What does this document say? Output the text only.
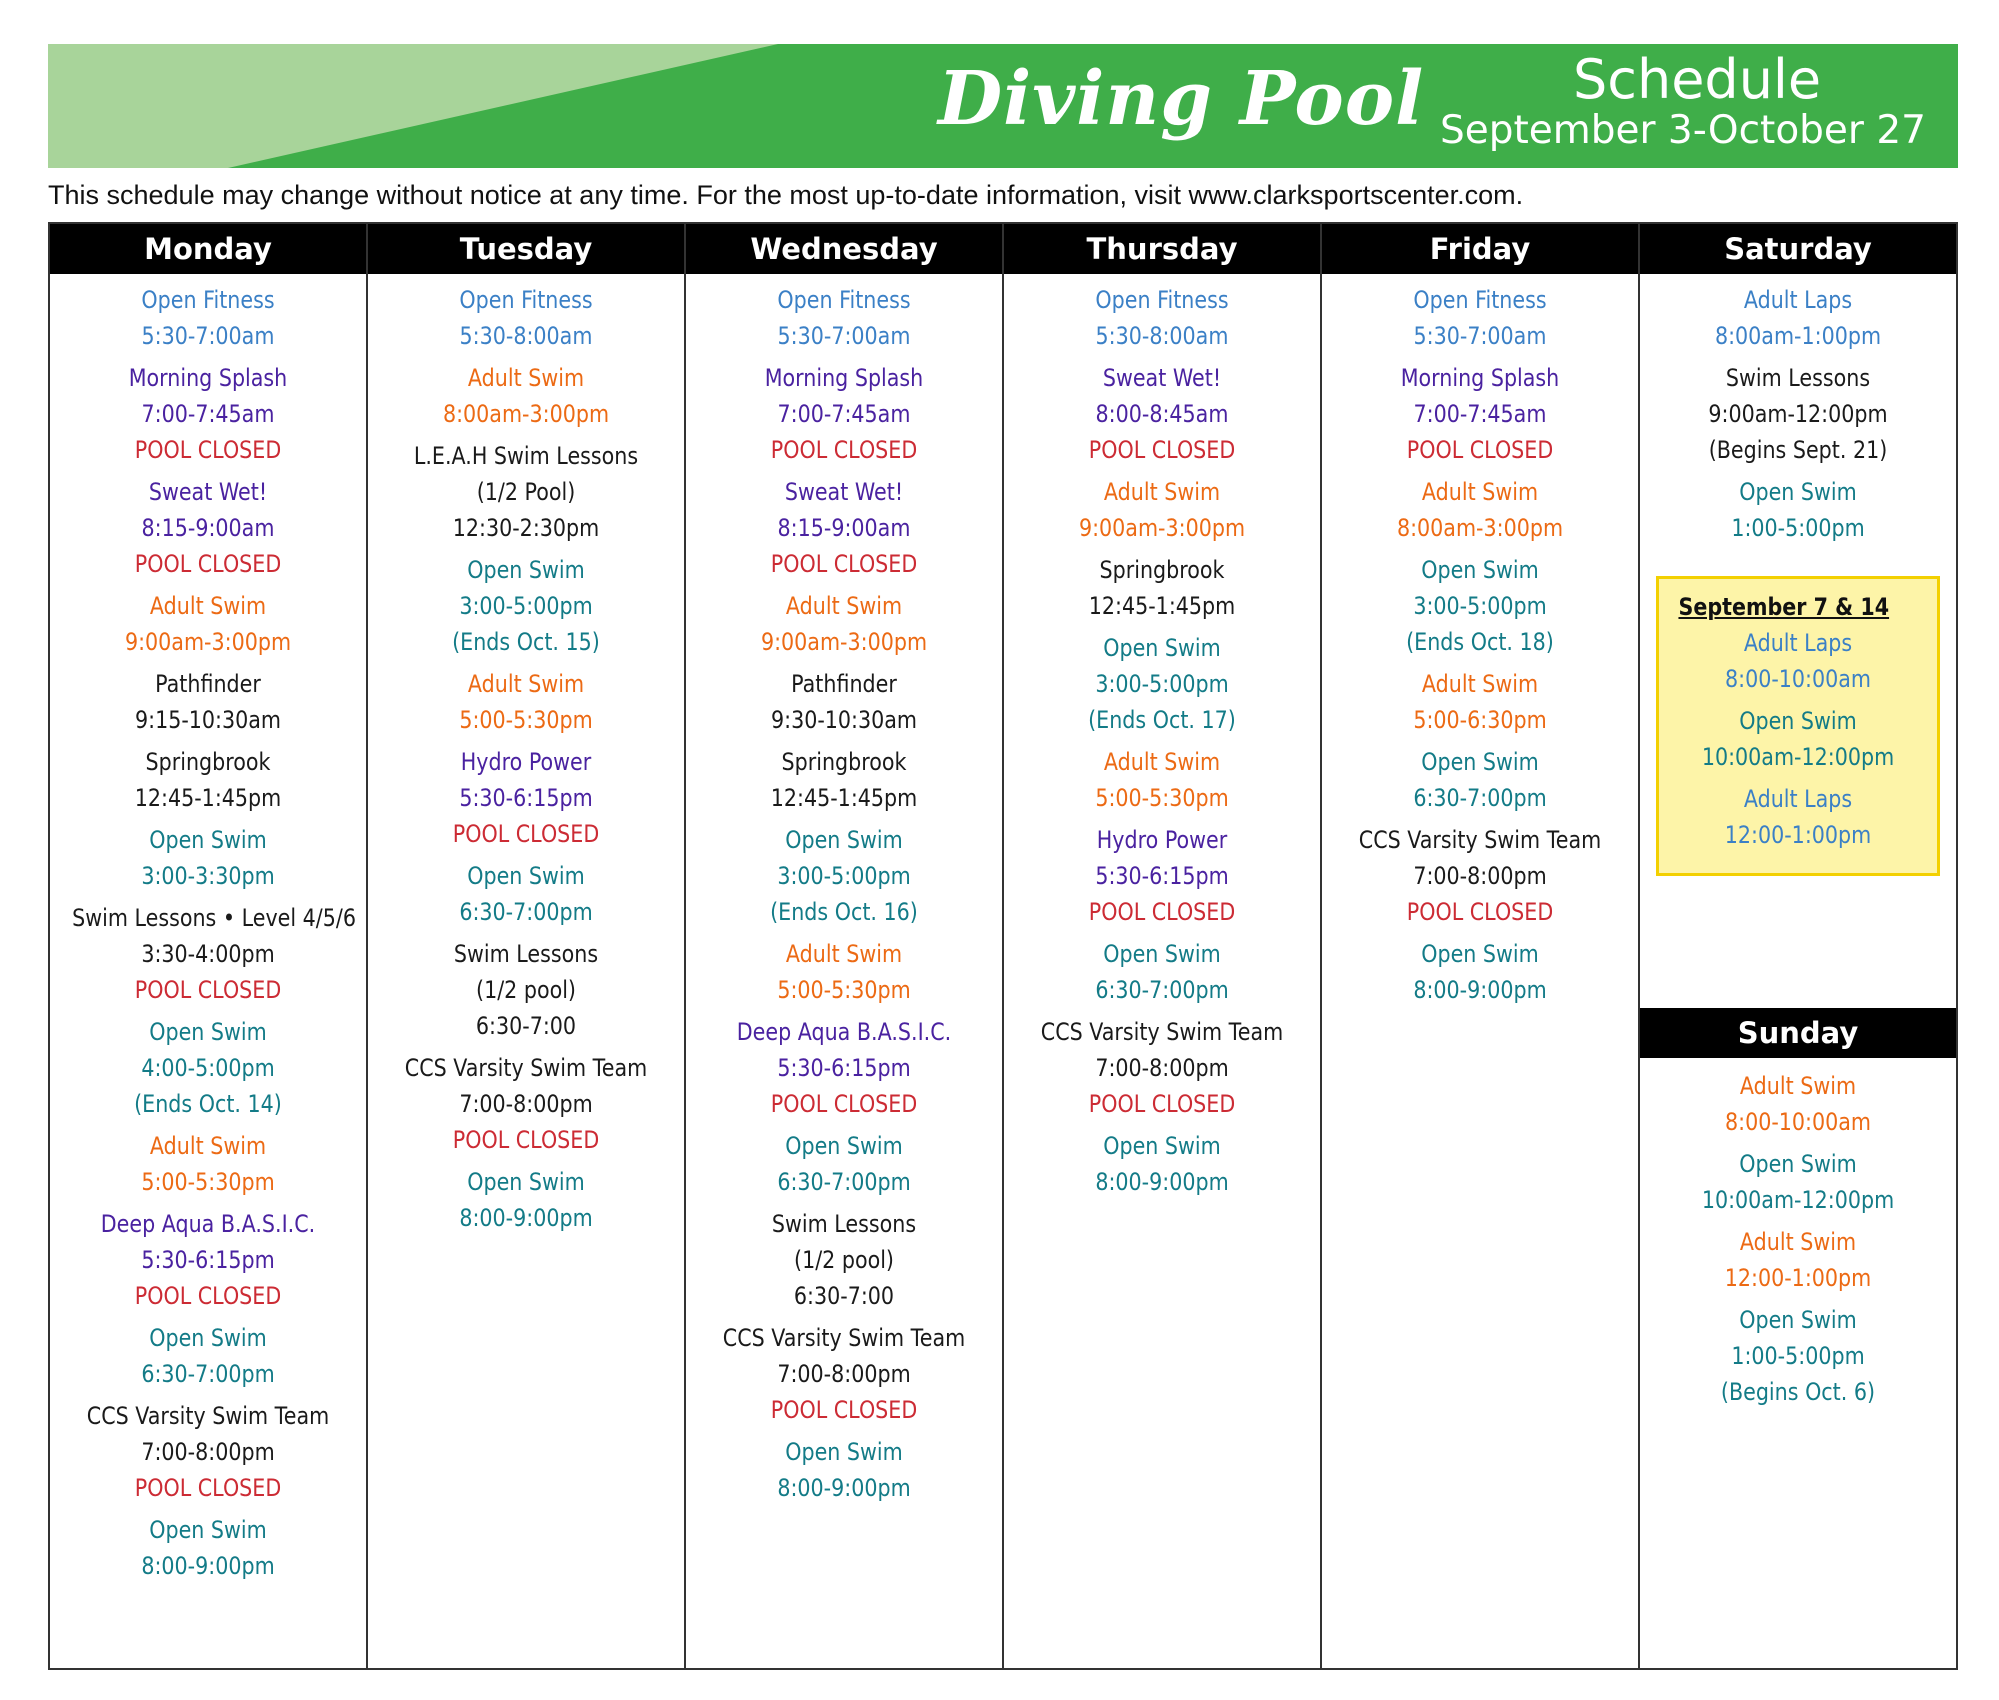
Diving Pool	Schedule
September 3-October 27
This schedule may change without notice at any time. For the most up-to-date information, visit www.clarksportscenter.com.
Monday
Open Fitness
5:30-7:00am
Morning Splash
7:00-7:45am
POOL CLOSED
Sweat Wet!
8:15-9:00am
POOL CLOSED
Adult Swim
9:00am-3:00pm
Pathfinder
9:15-10:30am
Springbrook
12:45-1:45pm
Open Swim
3:00-3:30pm
Swim Lessons • Level 4/5/6
3:30-4:00pm
POOL CLOSED
Open Swim
4:00-5:00pm
(Ends Oct. 14)
Adult Swim
5:00-5:30pm
Deep Aqua B.A.S.I.C.
5:30-6:15pm
POOL CLOSED
Open Swim
6:30-7:00pm
CCS Varsity Swim Team
7:00-8:00pm
POOL CLOSED
Open Swim
8:00-9:00pm
Tuesday
Open Fitness
5:30-8:00am
Adult Swim
8:00am-3:00pm
L.E.A.H Swim Lessons
(1/2 Pool)
12:30-2:30pm
Open Swim
3:00-5:00pm
(Ends Oct. 15)
Adult Swim
5:00-5:30pm
Hydro Power
5:30-6:15pm
POOL CLOSED
Open Swim
6:30-7:00pm
Swim Lessons
(1/2 pool)
6:30-7:00
CCS Varsity Swim Team
7:00-8:00pm
POOL CLOSED
Open Swim
8:00-9:00pm
Wednesday
Open Fitness
5:30-7:00am
Morning Splash
7:00-7:45am
POOL CLOSED
Sweat Wet!
8:15-9:00am
POOL CLOSED
Adult Swim
9:00am-3:00pm
Pathfinder
9:30-10:30am
Springbrook
12:45-1:45pm
Open Swim
3:00-5:00pm
(Ends Oct. 16)
Adult Swim
5:00-5:30pm
Deep Aqua B.A.S.I.C.
5:30-6:15pm
POOL CLOSED
Open Swim
6:30-7:00pm
Swim Lessons
(1/2 pool)
6:30-7:00
CCS Varsity Swim Team
7:00-8:00pm
POOL CLOSED
Open Swim
8:00-9:00pm
Thursday
Open Fitness
5:30-8:00am
Sweat Wet!
8:00-8:45am
POOL CLOSED
Adult Swim
9:00am-3:00pm
Springbrook
12:45-1:45pm
Open Swim
3:00-5:00pm
(Ends Oct. 17)
Adult Swim
5:00-5:30pm
Hydro Power
5:30-6:15pm
POOL CLOSED
Open Swim
6:30-7:00pm
CCS Varsity Swim Team
7:00-8:00pm
POOL CLOSED
Open Swim
8:00-9:00pm
Friday
Open Fitness
5:30-7:00am
Morning Splash
7:00-7:45am
POOL CLOSED
Adult Swim
8:00am-3:00pm
Open Swim
3:00-5:00pm
(Ends Oct. 18)
Adult Swim
5:00-6:30pm
Open Swim
6:30-7:00pm
CCS Varsity Swim Team
7:00-8:00pm
POOL CLOSED
Open Swim
8:00-9:00pm
Saturday
Adult Laps
8:00am-1:00pm
Swim Lessons
9:00am-12:00pm
(Begins Sept. 21)
Open Swim
1:00-5:00pm
September 7 & 14
Adult Laps
8:00-10:00am
Open Swim
10:00am-12:00pm
Adult Laps
12:00-1:00pm
Sunday
Adult Swim
8:00-10:00am
Open Swim
10:00am-12:00pm
Adult Swim
12:00-1:00pm
Open Swim
1:00-5:00pm
(Begins Oct. 6)
